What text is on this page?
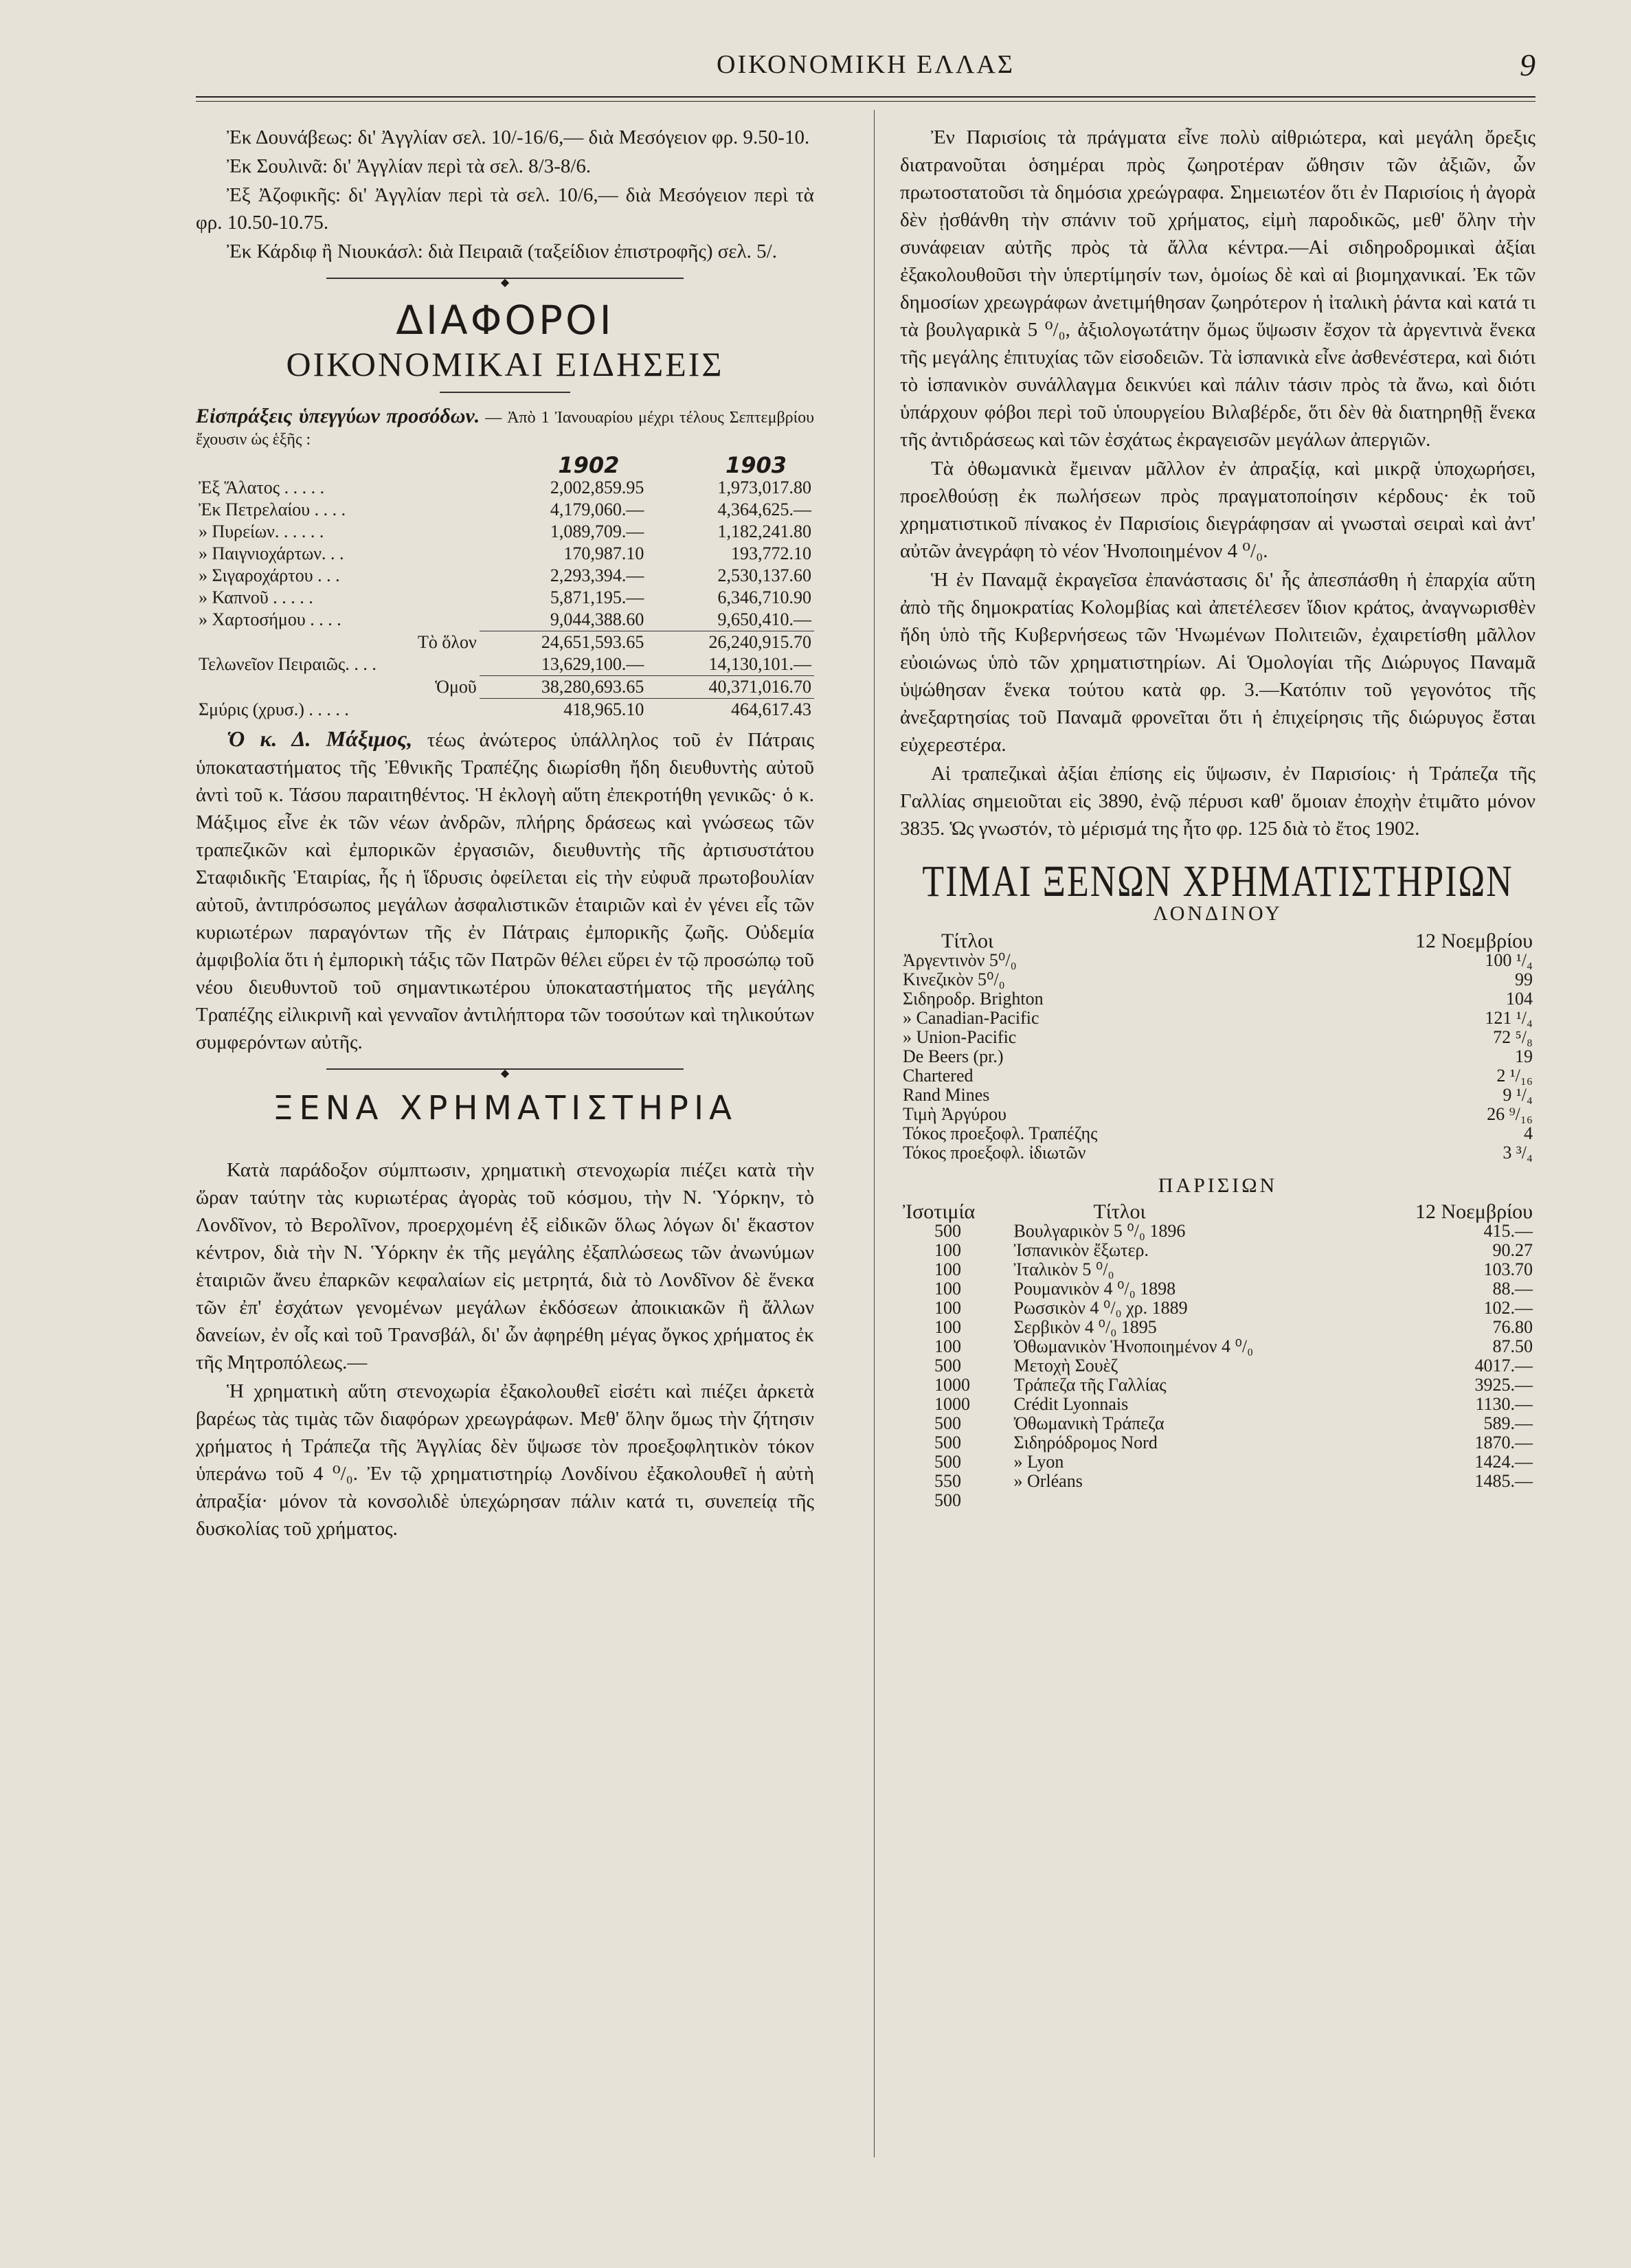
ΟΙΚΟΝΟΜΙΚΗ ΕΛΛΑΣ	9

Ἐκ Δουνάβεως: δι' Ἀγγλίαν σελ. 10/-16/6,— διὰ Μεσόγειον φρ. 9.50-10.

Ἐκ Σουλινᾶ: δι' Ἀγγλίαν περὶ τὰ σελ. 8/3-8/6.

Ἐξ Ἀζοφικῆς: δι' Ἀγγλίαν περὶ τὰ σελ. 10/6,— διὰ Μεσόγειον περὶ τὰ φρ. 10.50-10.75.

Ἐκ Κάρδιφ ἢ Νιουκάσλ: διὰ Πειραιᾶ (ταξείδιον ἐπιστροφῆς) σελ. 5/.

◆
ΔΙΑΦΟΡΟΙ
ΟΙΚΟΝΟΜΙΚΑΙ ΕΙΔΗΣΕΙΣ

Εἰσπράξεις ὑπεγγύων προσόδων. — Ἀπὸ 1 Ἰανουαρίου μέχρι τέλους Σεπτεμβρίου ἔχουσιν ὡς ἑξῆς :

	1902	1903
Ἐξ Ἅλατος . . . . .	2,002,859.95	1,973,017.80
Ἐκ Πετρελαίου . . . .	4,179,060.—	4,364,625.—
» Πυρείων. . . . . .	1,089,709.—	1,182,241.80
» Παιγνιοχάρτων. . .	170,987.10	193,772.10
» Σιγαροχάρτου . . .	2,293,394.—	2,530,137.60
» Καπνοῦ . . . . .	5,871,195.—	6,346,710.90
» Χαρτοσήμου . . . .	9,044,388.60	9,650,410.—
Τὸ ὅλον	24,651,593.65	26,240,915.70
Τελωνεῖον Πειραιῶς. . . .	13,629,100.—	14,130,101.—
Ὁμοῦ	38,280,693.65	40,371,016.70
Σμύρις (χρυσ.) . . . . .	418,965.10	464,617.43

Ὁ κ. Δ. Μάξιμος, τέως ἀνώτερος ὑπάλληλος τοῦ ἐν Πάτραις ὑποκαταστήματος τῆς Ἐθνικῆς Τραπέζης διωρίσθη ἤδη διευθυντὴς αὐτοῦ ἀντὶ τοῦ κ. Τάσου παραιτηθέντος. Ἡ ἐκλογὴ αὕτη ἐπεκροτήθη γενικῶς· ὁ κ. Μάξιμος εἶνε ἐκ τῶν νέων ἀνδρῶν, πλήρης δράσεως καὶ γνώσεως τῶν τραπεζικῶν καὶ ἐμπορικῶν ἐργασιῶν, διευθυντὴς τῆς ἀρτισυστάτου Σταφιδικῆς Ἑταιρίας, ἧς ἡ ἵδρυσις ὀφείλεται εἰς τὴν εὐφυᾶ πρωτοβουλίαν αὐτοῦ, ἀντιπρόσωπος μεγάλων ἀσφαλιστικῶν ἑταιριῶν καὶ ἐν γένει εἷς τῶν κυριωτέρων παραγόντων τῆς ἐν Πάτραις ἐμπορικῆς ζωῆς. Οὐδεμία ἀμφιβολία ὅτι ἡ ἐμπορικὴ τάξις τῶν Πατρῶν θέλει εὕρει ἐν τῷ προσώπῳ τοῦ νέου διευθυντοῦ τοῦ σημαντικωτέρου ὑποκαταστήματος τῆς μεγάλης Τραπέζης εἰλικρινῆ καὶ γενναῖον ἀντιλήπτορα τῶν τοσούτων καὶ τηλικούτων συμφερόντων αὐτῆς.

◆
ΞΕΝΑ ΧΡΗΜΑΤΙΣΤΗΡΙΑ

Κατὰ παράδοξον σύμπτωσιν, χρηματικὴ στενοχωρία πιέζει κατὰ τὴν ὥραν ταύτην τὰς κυριωτέρας ἀγορὰς τοῦ κόσμου, τὴν Ν. Ὑόρκην, τὸ Λονδῖνον, τὸ Βερολῖνον, προερχομένη ἐξ εἰδικῶν ὅλως λόγων δι' ἕκαστον κέντρον, διὰ τὴν Ν. Ὑόρκην ἐκ τῆς μεγάλης ἐξαπλώσεως τῶν ἀνωνύμων ἑταιριῶν ἄνευ ἐπαρκῶν κεφαλαίων εἰς μετρητά, διὰ τὸ Λονδῖνον δὲ ἕνεκα τῶν ἐπ' ἐσχάτων γενομένων μεγάλων ἐκδόσεων ἀποικιακῶν ἢ ἄλλων δανείων, ἐν οἷς καὶ τοῦ Τρανσβάλ, δι' ὧν ἀφηρέθη μέγας ὄγκος χρήματος ἐκ τῆς Μητροπόλεως.—

Ἡ χρηματικὴ αὕτη στενοχωρία ἐξακολουθεῖ εἰσέτι καὶ πιέζει ἀρκετὰ βαρέως τὰς τιμὰς τῶν διαφόρων χρεωγράφων. Μεθ' ὅλην ὅμως τὴν ζήτησιν χρήματος ἡ Τράπεζα τῆς Ἀγγλίας δὲν ὕψωσε τὸν προεξοφλητικὸν τόκον ὑπεράνω τοῦ 4 ⁰/₀. Ἐν τῷ χρηματιστηρίῳ Λονδίνου ἐξακολουθεῖ ἡ αὐτὴ ἀπραξία· μόνον τὰ κονσολιδὲ ὑπεχώρησαν πάλιν κατά τι, συνεπείᾳ τῆς δυσκολίας τοῦ χρήματος.

Ἐν Παρισίοις τὰ πράγματα εἶνε πολὺ αἰθριώτερα, καὶ μεγάλη ὄρεξις διατρανοῦται ὁσημέραι πρὸς ζωηροτέραν ὤθησιν τῶν ἀξιῶν, ὧν πρωτοστατοῦσι τὰ δημόσια χρεώγραφα. Σημειωτέον ὅτι ἐν Παρισίοις ἡ ἀγορὰ δὲν ᾐσθάνθη τὴν σπάνιν τοῦ χρήματος, εἰμὴ παροδικῶς, μεθ' ὅλην τὴν συνάφειαν αὐτῆς πρὸς τὰ ἄλλα κέντρα.—Αἱ σιδηροδρομικαὶ ἀξίαι ἐξακολουθοῦσι τὴν ὑπερτίμησίν των, ὁμοίως δὲ καὶ αἱ βιομηχανικαί. Ἐκ τῶν δημοσίων χρεωγράφων ἀνετιμήθησαν ζωηρότερον ἡ ἰταλικὴ ῥάντα καὶ κατά τι τὰ βουλγαρικὰ 5 ⁰/₀, ἀξιολογωτάτην ὅμως ὕψωσιν ἔσχον τὰ ἀργεντινὰ ἕνεκα τῆς μεγάλης ἐπιτυχίας τῶν εἰσοδειῶν. Τὰ ἱσπανικὰ εἶνε ἀσθενέστερα, καὶ διότι τὸ ἱσπανικὸν συνάλλαγμα δεικνύει καὶ πάλιν τάσιν πρὸς τὰ ἄνω, καὶ διότι ὑπάρχουν φόβοι περὶ τοῦ ὑπουργείου Βιλαβέρδε, ὅτι δὲν θὰ διατηρηθῇ ἕνεκα τῆς ἀντιδράσεως καὶ τῶν ἐσχάτως ἐκραγεισῶν μεγάλων ἀπεργιῶν.

Τὰ ὀθωμανικὰ ἔμειναν μᾶλλον ἐν ἀπραξίᾳ, καὶ μικρᾷ ὑποχωρήσει, προελθούσῃ ἐκ πωλήσεων πρὸς πραγματοποίησιν κέρδους· ἐκ τοῦ χρηματιστικοῦ πίνακος ἐν Παρισίοις διεγράφησαν αἱ γνωσταὶ σειραὶ καὶ ἀντ' αὐτῶν ἀνεγράφη τὸ νέον Ἡνοποιημένον 4 ⁰/₀.

Ἡ ἐν Παναμᾷ ἐκραγεῖσα ἐπανάστασις δι' ἧς ἀπεσπάσθη ἡ ἐπαρχία αὕτη ἀπὸ τῆς δημοκρατίας Κολομβίας καὶ ἀπετέλεσεν ἴδιον κράτος, ἀναγνωρισθὲν ἤδη ὑπὸ τῆς Κυβερνήσεως τῶν Ἡνωμένων Πολιτειῶν, ἐχαιρετίσθη μᾶλλον εὐοιώνως ὑπὸ τῶν χρηματιστηρίων. Αἱ Ὁμολογίαι τῆς Διώρυγος Παναμᾶ ὑψώθησαν ἕνεκα τούτου κατὰ φρ. 3.—Κατόπιν τοῦ γεγονότος τῆς ἀνεξαρτησίας τοῦ Παναμᾶ φρονεῖται ὅτι ἡ ἐπιχείρησις τῆς διώρυγος ἔσται εὐχερεστέρα.

Αἱ τραπεζικαὶ ἀξίαι ἐπίσης εἰς ὕψωσιν, ἐν Παρισίοις· ἡ Τράπεζα τῆς Γαλλίας σημειοῦται εἰς 3890, ἐνῷ πέρυσι καθ' ὅμοιαν ἐποχὴν ἐτιμᾶτο μόνον 3835. Ὡς γνωστόν, τὸ μέρισμά της ἦτο φρ. 125 διὰ τὸ ἔτος 1902.

ΤΙΜΑΙ ΞΕΝΩΝ ΧΡΗΜΑΤΙΣΤΗΡΙΩΝ
ΛΟΝΔΙΝΟΥ
Τίτλοι	12 Νοεμβρίου
Ἀργεντινὸν 5⁰/₀	100 ¹/₄
Κινεζικὸν 5⁰/₀	99
Σιδηροδρ. Brighton	104
» Canadian-Pacific	121 ¹/₄
» Union-Pacific	72 ⁵/₈
De Beers (pr.)	19
Chartered	2 ¹/₁₆
Rand Mines	9 ¹/₄
Τιμὴ Ἀργύρου	26 ⁹/₁₆
Τόκος προεξοφλ. Τραπέζης	4
Τόκος προεξοφλ. ἰδιωτῶν	3 ³/₄
ΠΑΡΙΣΙΩΝ
Ἰσοτιμία	Τίτλοι	12 Νοεμβρίου
500	Βουλγαρικὸν 5 ⁰/₀ 1896	415.—
100	Ἰσπανικὸν ἔξωτερ.	90.27
100	Ἰταλικὸν 5 ⁰/₀	103.70
100	Ρουμανικὸν 4 ⁰/₀ 1898	88.—
100	Ρωσσικὸν 4 ⁰/₀ χρ. 1889	102.—
100	Σερβικὸν 4 ⁰/₀ 1895	76.80
100	Ὀθωμανικὸν Ἡνοποιημένον 4 ⁰/₀	87.50
500	Μετοχὴ Σουὲζ	4017.—
1000	Τράπεζα τῆς Γαλλίας	3925.—
1000	Crédit Lyonnais	1130.—
500	Ὀθωμανικὴ Τράπεζα	589.—
500	Σιδηρόδρομος Nord	1870.—
500	» Lyon	1424.—
550	» Orléans	1485.—
500		
